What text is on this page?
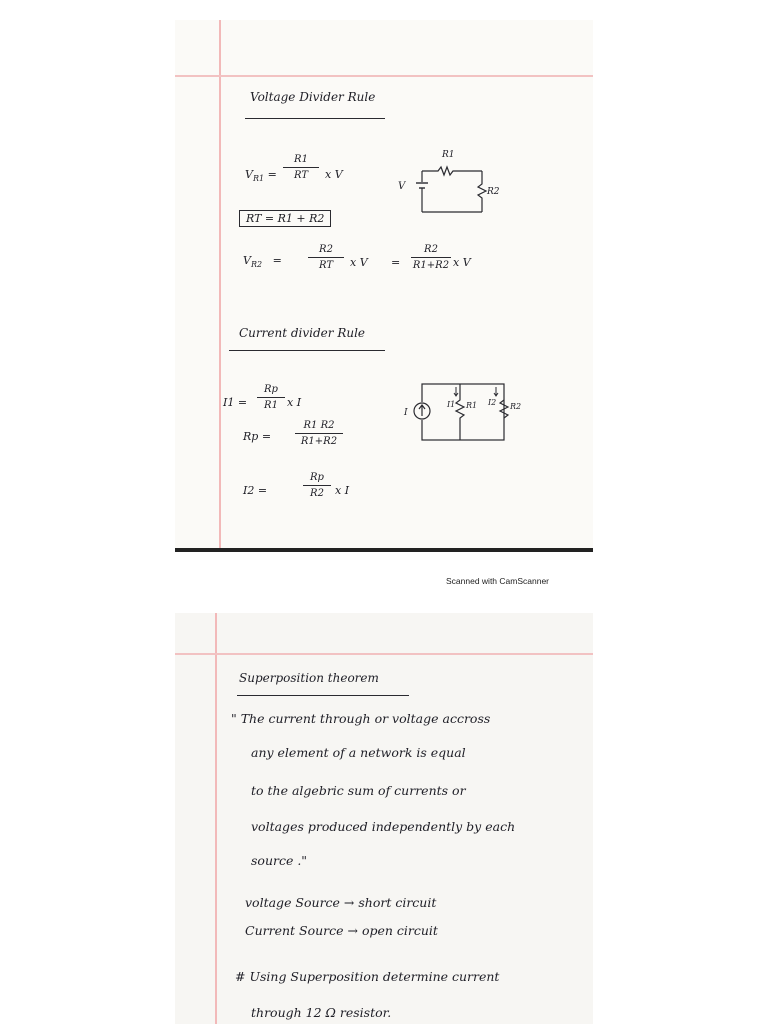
Voltage Divider Rule
$V_{R1}$ =
R1
RT x V
R1
V	R2
RT = R1 + R2
$V_{R2}$   =
R2
RT x V =
R2
R1+R2 x V
Current divider Rule
I1 =
Rp
R1 x I
Rp =
R1 R2
R1+R2
I2 =
Rp
R2 x I
I
I1 R1 I2 R2
Scanned with CamScanner
Superposition theorem
" The current through or voltage accross
any element of a network is equal
to the algebric sum of currents or
voltages produced independently by each
source ."
voltage Source → short circuit
Current Source → open circuit
# Using Superposition determine current
through 12 Ω resistor.
